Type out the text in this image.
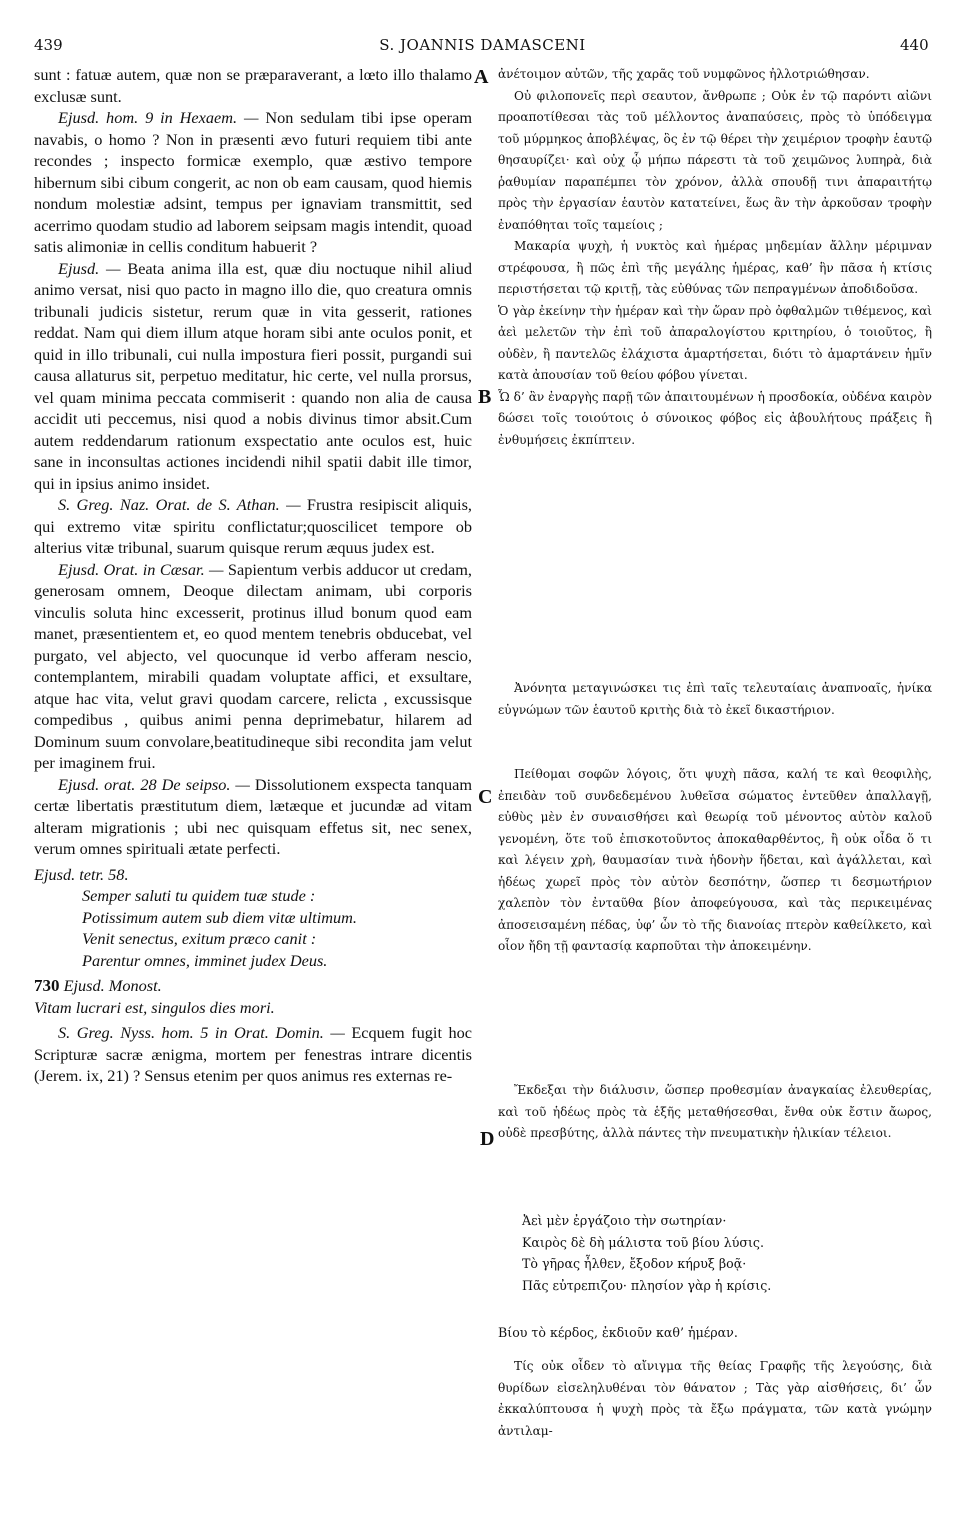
439	S. JOANNIS DAMASCENI	440

sunt : fatuæ autem, quæ non se præparaverant, a lœto illo thalamo exclusæ sunt.

Ejusd. hom. 9 in Hexaem. — Non sedulam tibi ipse operam navabis, o homo ? Non in præsenti ævo futuri requiem tibi ante recondes ; inspecto formicæ exemplo, quæ æstivo tempore hibernum sibi cibum congerit, ac non ob eam causam, quod hiemis nondum molestiæ adsint, tempus per ignaviam transmittit, sed acerrimo quodam studio ad laborem seipsam magis intendit, quoad satis alimoniæ in cellis conditum habuerit ?

Ejusd. — Beata anima illa est, quæ diu noctuque nihil aliud animo versat, nisi quo pacto in magno illo die, quo creatura omnis tribunali judicis sistetur, rerum quæ in vita gesserit, rationes reddat. Nam qui diem illum atque horam sibi ante oculos ponit, et quid in illo tribunali, cui nulla impostura fieri possit, purgandi sui causa allaturus sit, perpetuo meditatur, hic certe, vel nulla prorsus, vel quam minima peccata commiserit : quando non alia de causa accidit uti peccemus, nisi quod a nobis divinus timor absit.Cum autem reddendarum rationum exspectatio ante oculos est, huic sane in inconsultas actiones incidendi nihil spatii dabit ille timor, qui in ipsius animo insidet.

S. Greg. Naz. Orat. de S. Athan. — Frustra resipiscit aliquis, qui extremo vitæ spiritu conflictatur;quoscilicet tempore ob alterius vitæ tribunal, suarum quisque rerum æquus judex est.

Ejusd. Orat. in Cæsar. — Sapientum verbis adducor ut credam, generosam omnem, Deoque dilectam animam, ubi corporis vinculis soluta hinc excesserit, protinus illud bonum quod eam manet, præsentientem et, eo quod mentem tenebris obducebat, vel purgato, vel abjecto, vel quocunque id verbo afferam nescio, contemplantem, mirabili quadam voluptate affici, et exsultare, atque hac vita, velut gravi quodam carcere, relicta , excussisque compedibus , quibus animi penna deprimebatur, hilarem ad Dominum suum convolare,beatitudineque sibi recondita jam velut per imaginem frui.

Ejusd. orat. 28 De seipso. — Dissolutionem exspecta tanquam certæ libertatis præstitutum diem, lætæque et jucundæ ad vitam alteram migrationis ; ubi nec quisquam effetus sit, nec senex, verum omnes spirituali ætate perfecti.

Ejusd. tetr. 58.

Semper saluti tu quidem tuæ stude :

Potissimum autem sub diem vitæ ultimum.

Venit senectus, exitum præco canit :

Parentur omnes, imminet judex Deus.

730 Ejusd. Monost.

Vitam lucrari est, singulos dies mori.

S. Greg. Nyss. hom. 5 in Orat. Domin. — Ecquem fugit hoc Scripturæ sacræ ænigma, mortem per fenestras intrare dicentis (Jerem. ix, 21) ? Sensus etenim per quos animus res externas re-

A
B
C
D

ἀνέτοιμον αὐτῶν, τῆς χαρᾶς τοῦ νυμφῶνος ἠλλοτριώθησαν.

Οὐ φιλοπονεῖς περὶ σεαυτον, ἄνθρωπε ; Οὐκ ἐν τῷ παρόντι αἰῶνι προαποτίθεσαι τὰς τοῦ μέλλοντος ἀναπαύσεις, πρὸς τὸ ὑπόδειγμα τοῦ μύρμηκος ἀποβλέψας, ὃς ἐν τῷ θέρει τὴν χειμέριον τροφὴν ἑαυτῷ θησαυρίζει· καὶ οὐχ ᾧ μήπω πάρεστι τὰ τοῦ χειμῶνος λυπηρὰ, διὰ ῥαθυμίαν παραπέμπει τὸν χρόνον, ἀλλὰ σπουδῇ τινι ἀπαραιτήτῳ πρὸς τὴν ἐργασίαν ἑαυτὸν κατατείνει, ἕως ἂν τὴν ἀρκοῦσαν τροφὴν ἐναπόθηται τοῖς ταμείοις ;

Μακαρία ψυχὴ, ἡ νυκτὸς καὶ ἡμέρας μηδεμίαν ἄλλην μέριμναν στρέφουσα, ἢ πῶς ἐπὶ τῆς μεγάλης ἡμέρας, καθ’ ἣν πᾶσα ἡ κτίσις περιστήσεται τῷ κριτῇ, τὰς εὐθύνας τῶν πεπραγμένων ἀποδιδοῦσα.

Ὁ γὰρ ἐκείνην τὴν ἡμέραν καὶ τὴν ὥραν πρὸ ὀφθαλμῶν τιθέμενος, καὶ ἀεὶ μελετῶν τὴν ἐπὶ τοῦ ἀπαραλογίστου κριτηρίου, ὁ τοιοῦτος, ἢ οὐδὲν, ἢ παντελῶς ἐλάχιστα ἁμαρτήσεται, διότι τὸ ἁμαρτάνειν ἡμῖν κατὰ ἀπουσίαν τοῦ θείου φόβου γίνεται.

Ὧ δ’ ἂν ἐναργὴς παρῇ τῶν ἀπαιτουμένων ἡ προσδοκία, οὐδένα καιρὸν δώσει τοῖς τοιούτοις ὁ σύνοικος φόβος εἰς ἀβουλήτους πράξεις ἢ ἐνθυμήσεις ἐκπίπτειν.

Ἀνόνητα μεταγινώσκει τις ἐπὶ ταῖς τελευταίαις ἀναπνοαῖς, ἡνίκα εὐγνώμων τῶν ἑαυτοῦ κριτὴς διὰ τὸ ἐκεῖ δικαστήριον.

Πείθομαι σοφῶν λόγοις, ὅτι ψυχὴ πᾶσα, καλή τε καὶ θεοφιλὴς, ἐπειδὰν τοῦ συνδεδεμένου λυθεῖσα σώματος ἐντεῦθεν ἀπαλλαγῇ, εὐθὺς μὲν ἐν συναισθήσει καὶ θεωρίᾳ τοῦ μένοντος αὐτὸν καλοῦ γενομένη, ὅτε τοῦ ἐπισκοτοῦντος ἀποκαθαρθέντος, ἢ οὐκ οἶδα ὅ τι καὶ λέγειν χρὴ, θαυμασίαν τινὰ ἡδονὴν ἥδεται, καὶ ἀγάλλεται, καὶ ἡδέως χωρεῖ πρὸς τὸν αὐτὸν δεσπότην, ὥσπερ τι δεσμωτήριον χαλεπὸν τὸν ἐνταῦθα βίον ἀποφεύγουσα, καὶ τὰς περικειμένας ἀποσεισαμένη πέδας, ὑφ’ ὧν τὸ τῆς διανοίας πτερὸν καθείλκετο, καὶ οἷον ἤδη τῇ φαντασίᾳ καρποῦται τὴν ἀποκειμένην.

Ἔκδεξαι τὴν διάλυσιν, ὥσπερ προθεσμίαν ἀναγκαίας ἐλευθερίας, καὶ τοῦ ἡδέως πρὸς τὰ ἑξῆς μεταθήσεσθαι, ἔνθα οὐκ ἔστιν ἄωρος, οὐδὲ πρεσβύτης, ἀλλὰ πάντες τὴν πνευματικὴν ἡλικίαν τέλειοι.

Ἀεὶ μὲν ἐργάζοιο τὴν σωτηρίαν·

Καιρὸς δὲ δὴ μάλιστα τοῦ βίου λύσις.

Τὸ γῆρας ἦλθεν, ἔξοδον κήρυξ βοᾷ·

Πᾶς εὐτρεπιζου· πλησίον γὰρ ἡ κρίσις.

Βίου τὸ κέρδος, ἐκδιοῦν καθ’ ἡμέραν.

Τίς οὐκ οἶδεν τὸ αἴνιγμα τῆς θείας Γραφῆς τῆς λεγούσης, διὰ θυρίδων εἰσεληλυθέναι τὸν θάνατον ; Τὰς γὰρ αἰσθήσεις, δι’ ὧν ἐκκαλύπτουσα ἡ ψυχὴ πρὸς τὰ ἔξω πράγματα, τῶν κατὰ γνώμην ἀντιλαμ-
